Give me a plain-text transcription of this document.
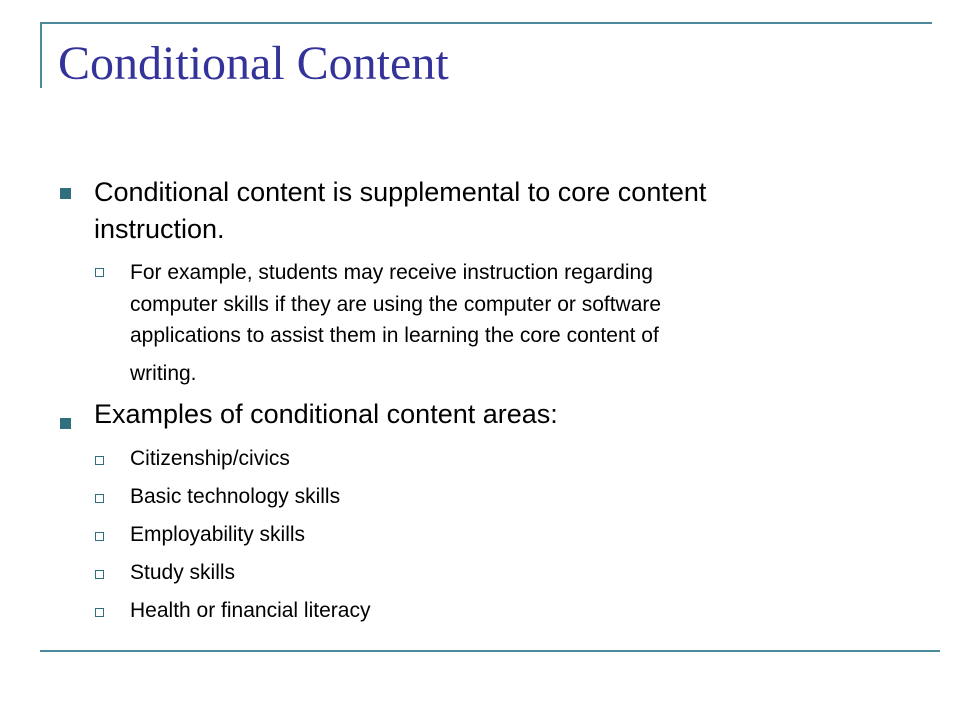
Conditional Content
Conditional content is supplemental to core content
instruction.
For example, students may receive instruction regarding
computer skills if they are using the computer or software
applications to assist them in learning the core content of
writing.
Examples of conditional content areas:
Citizenship/civics
Basic technology skills
Employability skills
Study skills
Health or financial literacy
